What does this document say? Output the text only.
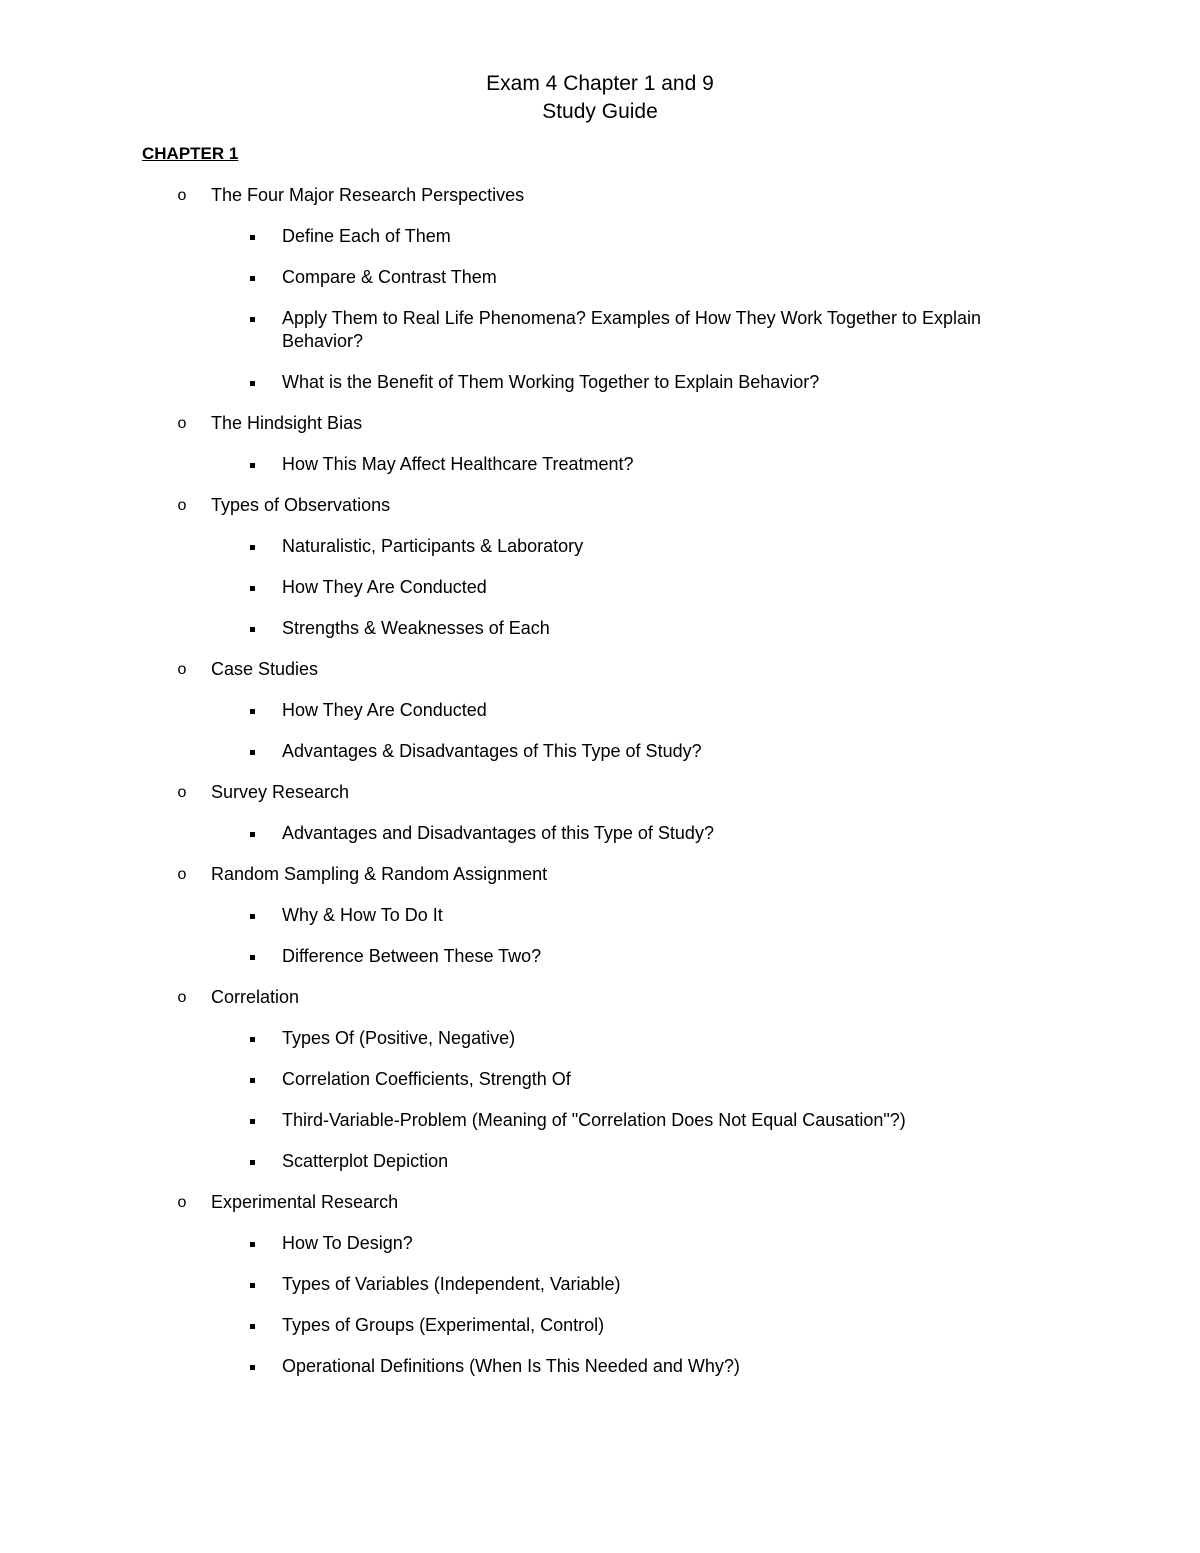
Exam 4 Chapter 1 and 9
Study Guide
CHAPTER 1
o	The Four Major Research Perspectives
Define Each of Them
Compare & Contrast Them
Apply Them to Real Life Phenomena? Examples of How They Work Together to Explain Behavior?
What is the Benefit of Them Working Together to Explain Behavior?
o	The Hindsight Bias
How This May Affect Healthcare Treatment?
o	Types of Observations
Naturalistic, Participants & Laboratory
How They Are Conducted
Strengths & Weaknesses of Each
o	Case Studies
How They Are Conducted
Advantages & Disadvantages of This Type of Study?
o	Survey Research
Advantages and Disadvantages of this Type of Study?
o	Random Sampling & Random Assignment
Why & How To Do It
Difference Between These Two?
o	Correlation
Types Of (Positive, Negative)
Correlation Coefficients, Strength Of
Third-Variable-Problem (Meaning of "Correlation Does Not Equal Causation"?)
Scatterplot Depiction
o	Experimental Research
How To Design?
Types of Variables (Independent, Variable)
Types of Groups (Experimental, Control)
Operational Definitions (When Is This Needed and Why?)
